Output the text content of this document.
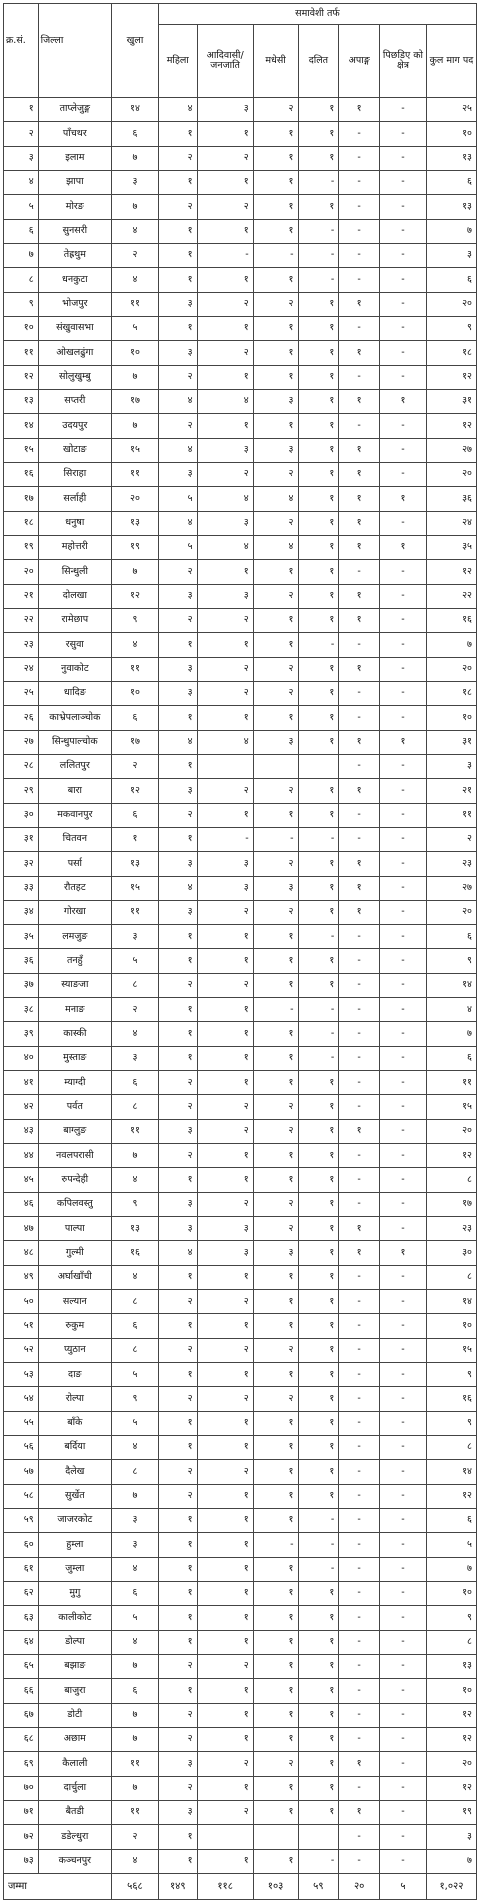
क्र.सं.	जिल्ला	खुला	समावेशी तर्फ						
			महिला	आदिवासी/ जनजाति	मधेसी	दलित	अपाङ्ग	पिछडिए को क्षेत्र	कुल माग पद
१	ताप्लेजुङ्ग	१४	४	३	२	१	१	-	२५
२	पाँचथर	६	१	१	१	१	-	-	१०
३	इलाम	७	२	२	१	१	-	-	१३
४	झापा	३	१	१	१	-	-	-	६
५	मोरङ	७	२	२	१	१	-	-	१३
६	सुनसरी	४	१	१	१	-	-	-	७
७	तेह्रथुम	२	१	-	-	-	-	-	३
८	धनकुटा	४	१	१	१	-	-	-	६
९	भोजपुर	११	३	२	२	१	१	-	२०
१०	संखुवासभा	५	१	१	१	१	-	-	९
११	ओखलढुंगा	१०	३	२	१	१	१	-	१८
१२	सोलुखुम्बु	७	२	१	१	१	-	-	१२
१३	सप्तरी	१७	४	४	३	१	१	१	३१
१४	उदयपुर	७	२	१	१	१	-	-	१२
१५	खोटाङ	१५	४	३	३	१	१	-	२७
१६	सिराहा	११	३	२	२	१	१	-	२०
१७	सर्लाही	२०	५	४	४	१	१	१	३६
१८	धनुषा	१३	४	३	२	१	१	-	२४
१९	महोत्तरी	१९	५	४	४	१	१	१	३५
२०	सिन्धुली	७	२	१	१	१	-	-	१२
२१	दोलखा	१२	३	३	२	१	१	-	२२
२२	रामेछाप	९	२	२	१	१	१	-	१६
२३	रसुवा	४	१	१	१	-	-	-	७
२४	नुवाकोट	११	३	२	२	१	१	-	२०
२५	धादिङ	१०	३	२	२	१	-	-	१८
२६	काभ्रेपलाञ्चोक	६	१	१	१	१	-	-	१०
२७	सिन्धुपाल्चोक	१७	४	४	३	१	१	१	३१
२८	ललितपुर	२	१				-	-	३
२९	बारा	१२	३	२	२	१	१	-	२१
३०	मकवानपुर	६	२	१	१	१	-	-	११
३१	चितवन	१	१	-	-	-	-	-	२
३२	पर्सा	१३	३	३	२	१	१	-	२३
३३	रौतहट	१५	४	३	३	१	१	-	२७
३४	गोरखा	११	३	२	२	१	१	-	२०
३५	लमजुङ	३	१	१	१	-	-	-	६
३६	तनहुँ	५	१	१	१	१	-	-	९
३७	स्याङजा	८	२	२	१	१	-	-	१४
३८	मनाङ	२	१	१	-	-	-	-	४
३९	कास्की	४	१	१	१	-	-	-	७
४०	मुस्ताङ	३	१	१	१	-	-	-	६
४१	म्याग्दी	६	२	१	१	१	-	-	११
४२	पर्वत	८	२	२	२	१	-	-	१५
४३	बाग्लुङ	११	३	२	२	१	१	-	२०
४४	नवलपरासी	७	२	१	१	१	-	-	१२
४५	रुपन्देही	४	१	१	१	१	-	-	८
४६	कपिलवस्तु	९	३	२	२	१	-	-	१७
४७	पाल्पा	१३	३	३	२	१	१	-	२३
४८	गुल्मी	१६	४	३	३	१	१	१	३०
४९	अर्घाखाँची	४	१	१	१	१	-	-	८
५०	सल्यान	८	२	२	१	१	-	-	१४
५१	रुकुम	६	१	१	१	१	-	-	१०
५२	प्युठान	८	२	२	२	१	-	-	१५
५३	दाङ	५	१	१	१	१	-	-	९
५४	रोल्पा	९	२	२	२	१	-	-	१६
५५	बाँके	५	१	१	१	१	-	-	९
५६	बर्दिया	४	१	१	१	१	-	-	८
५७	दैलेख	८	२	२	१	१	-	-	१४
५८	सुर्खेत	७	२	१	१	१	-	-	१२
५९	जाजरकोट	३	१	१	१	-	-	-	६
६०	हुम्ला	३	१	१	-	-	-	-	५
६१	जुम्ला	४	१	१	१	-	-	-	७
६२	मुगु	६	१	१	१	१	-	-	१०
६३	कालीकोट	५	१	१	१	१	-	-	९
६४	डोल्पा	४	१	१	१	१	-	-	८
६५	बझाङ	७	२	२	१	१	-	-	१३
६६	बाजुरा	६	१	१	१	१	-	-	१०
६७	डोटी	७	२	१	१	१	-	-	१२
६८	अछाम	७	२	१	१	१	-	-	१२
६९	कैलाली	११	३	२	२	१	१	-	२०
७०	दार्चुला	७	२	१	१	१	-	-	१२
७१	बैतडी	११	३	२	१	१	१	-	१९
७२	डडेल्धुरा	२	१				-	-	३
७३	कञ्चनपुर	४	१	१	१	-	-	-	७
जम्मा		५६८	१४९	११८	१०३	५९	२०	५	१,०२२
